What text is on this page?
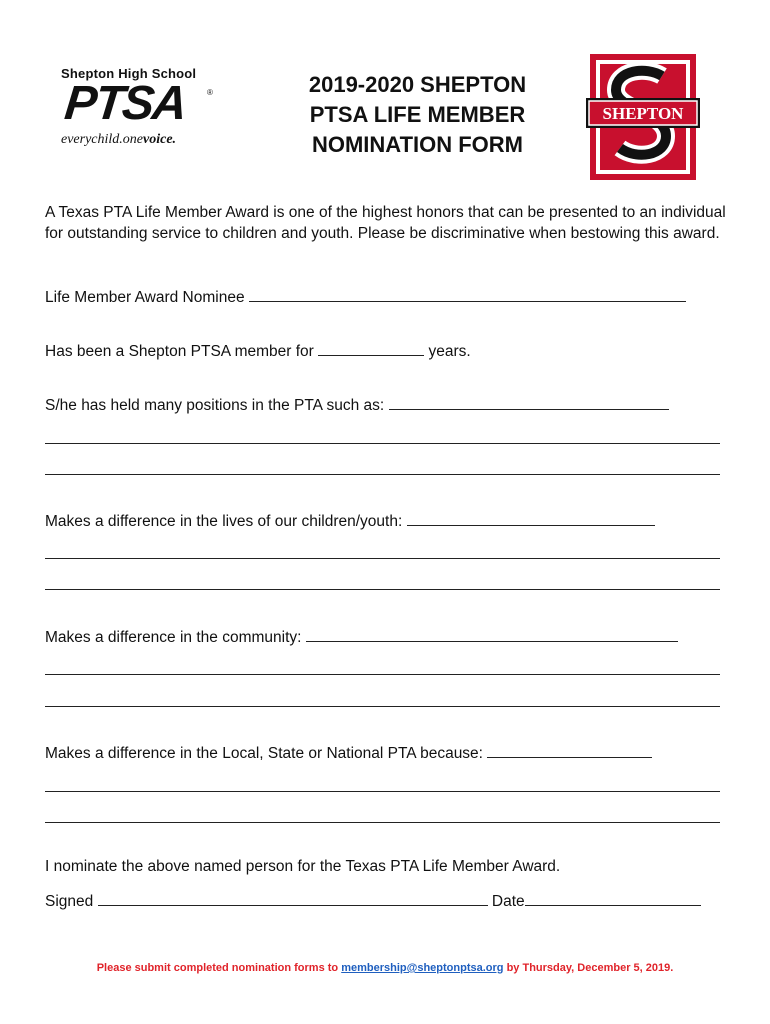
Shepton High School
PTSA ®
everychild.onevoice.
2019-2020 SHEPTON
PTSA LIFE MEMBER
NOMINATION FORM
SHEPTON
A Texas PTA Life Member Award is one of the highest honors that can be presented to an individual for outstanding service to children and youth. Please be discriminative when bestowing this award.
Life Member Award Nominee
Has been a Shepton PTSA member for	years.
S/he has held many positions in the PTA such as:
Makes a difference in the lives of our children/youth:
Makes a difference in the community:
Makes a difference in the Local, State or National PTA because:
I nominate the above named person for the Texas PTA Life Member Award.
Signed	Date
Please submit completed nomination forms to membership@sheptonptsa.org by Thursday, December 5, 2019.
